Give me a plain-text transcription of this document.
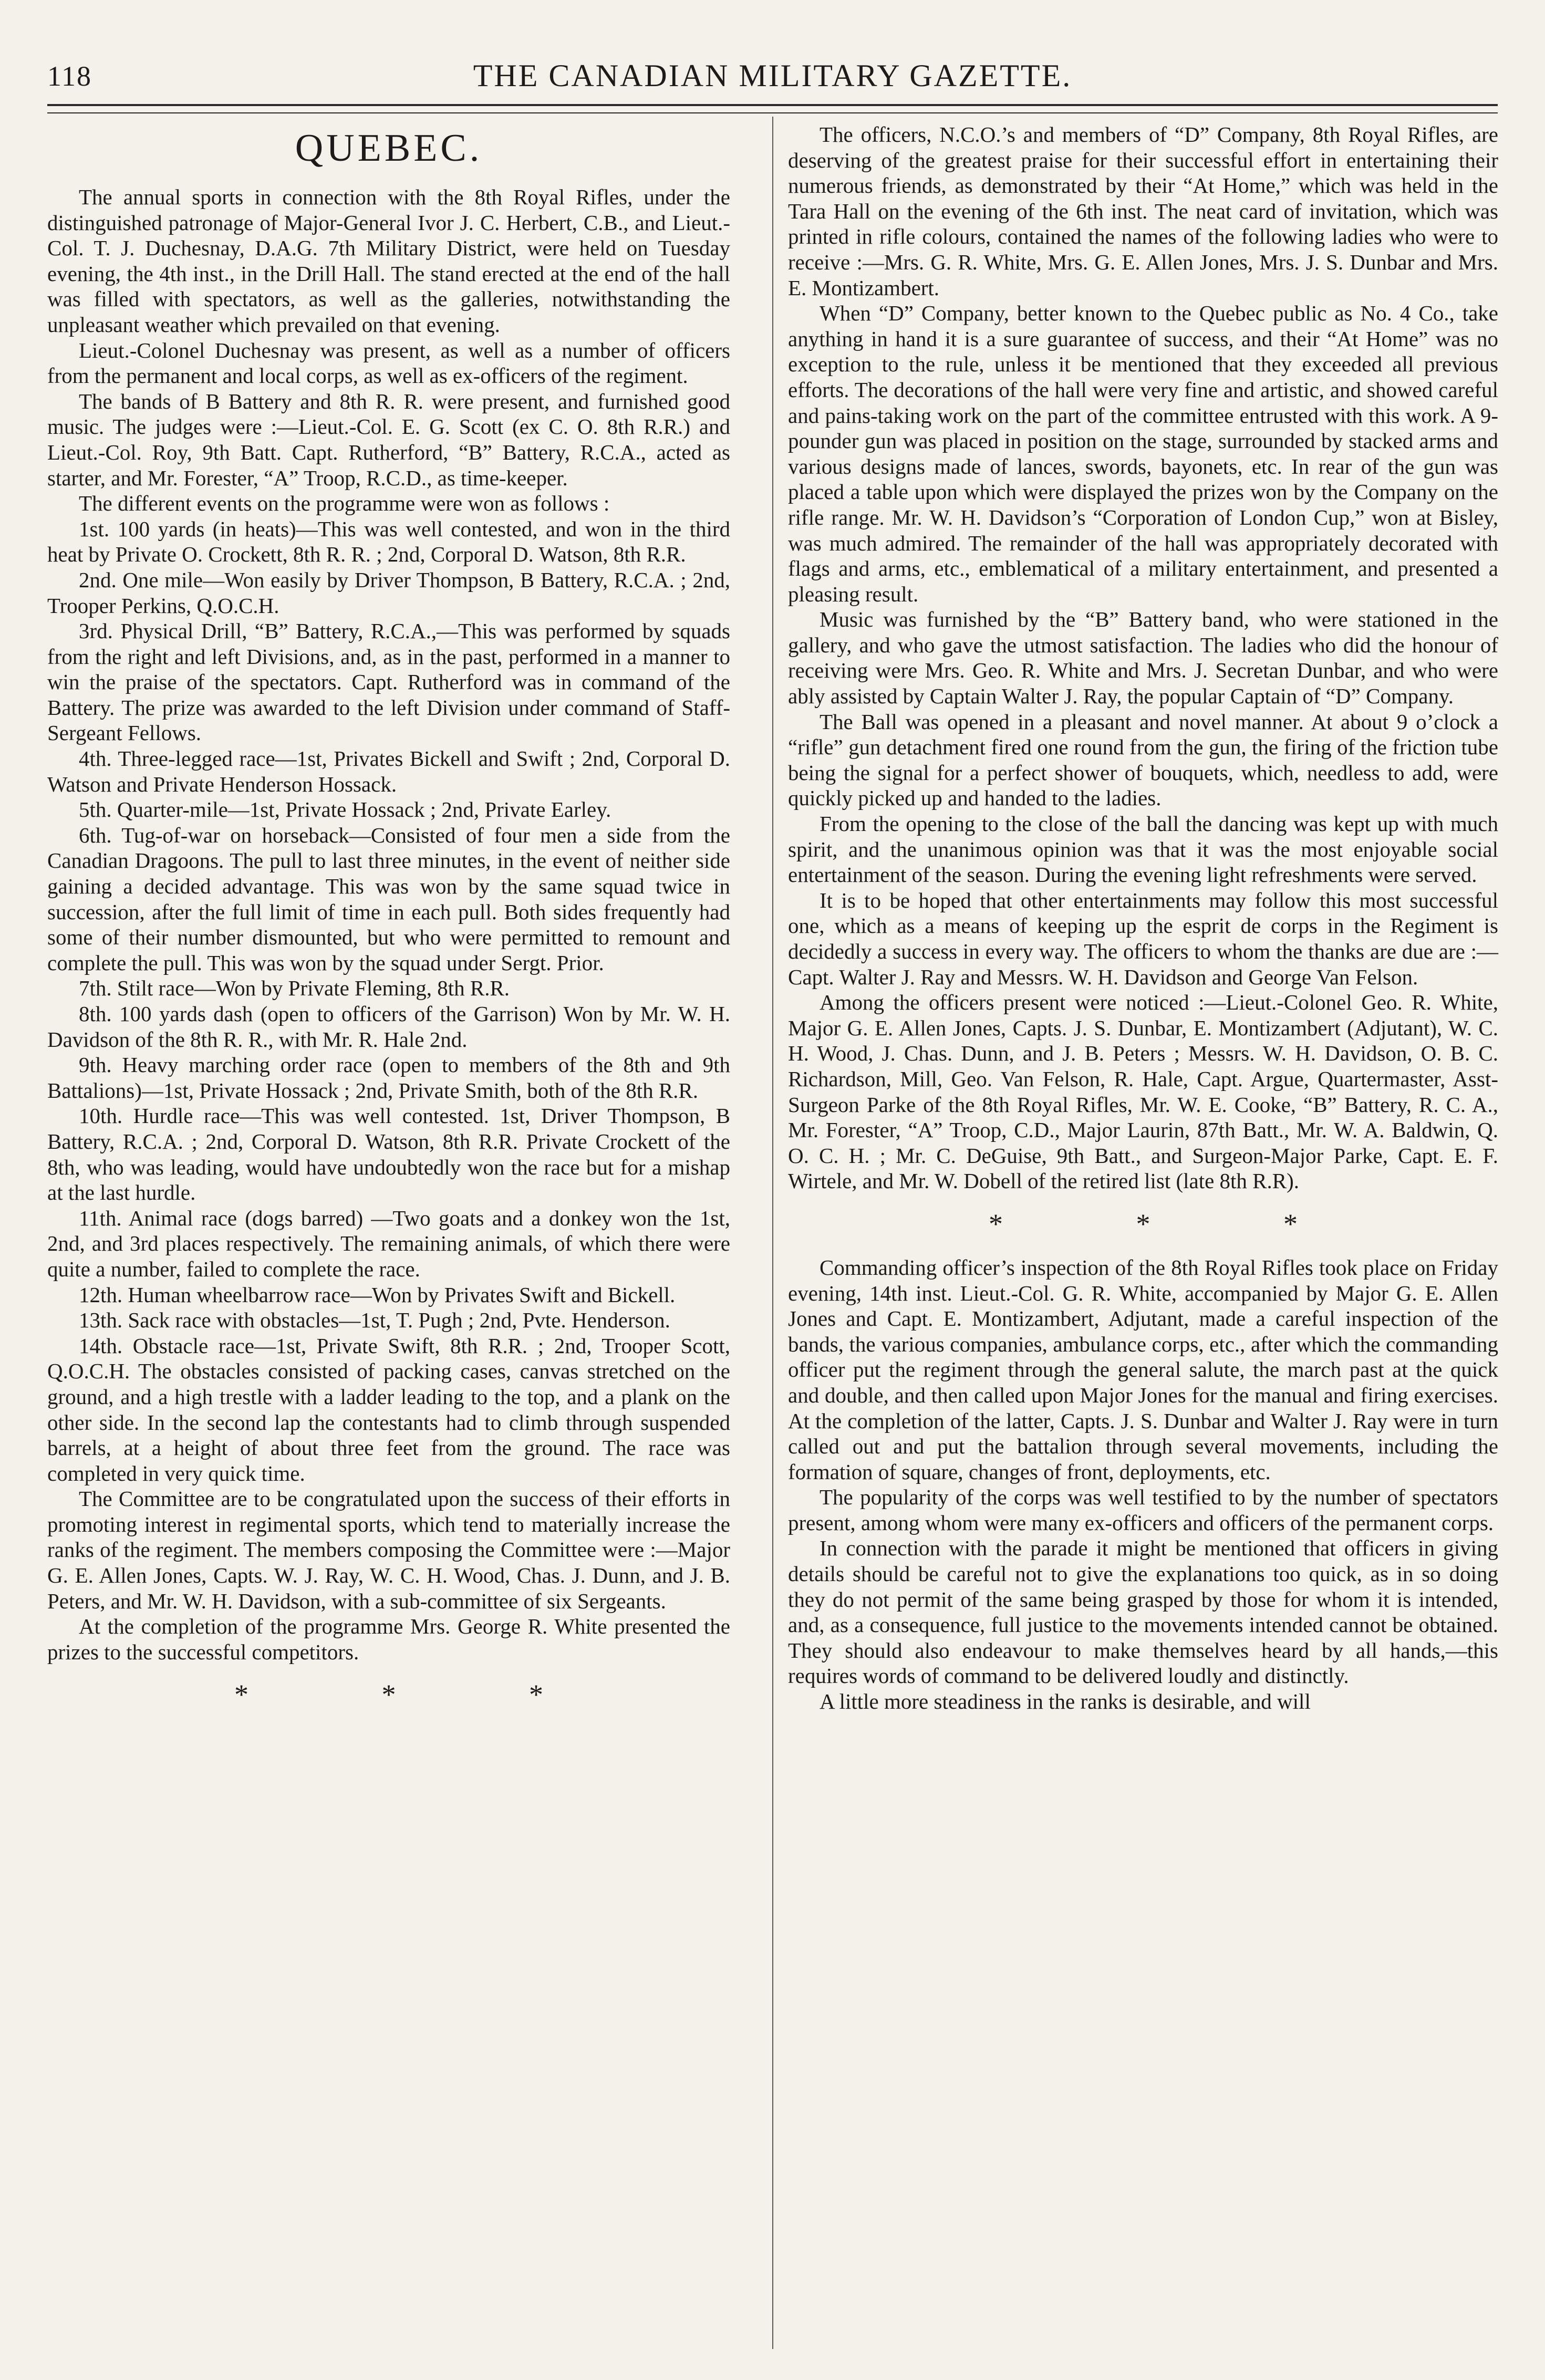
118	THE CANADIAN MILITARY GAZETTE.
QUEBEC.

The annual sports in connection with the 8th Royal Rifles, under the distinguished patronage of Major-General Ivor J. C. Herbert, C.B., and Lieut.-Col. T. J. Duchesnay, D.A.G. 7th Military District, were held on Tuesday evening, the 4th inst., in the Drill Hall. The stand erected at the end of the hall was filled with spectators, as well as the galleries, notwithstanding the unpleasant weather which prevailed on that evening.

Lieut.-Colonel Duchesnay was present, as well as a number of officers from the permanent and local corps, as well as ex-officers of the regiment.

The bands of B Battery and 8th R. R. were present, and furnished good music. The judges were :—Lieut.-Col. E. G. Scott (ex C. O. 8th R.R.) and Lieut.-Col. Roy, 9th Batt. Capt. Rutherford, “B” Battery, R.C.A., acted as starter, and Mr. Forester, “A” Troop, R.C.D., as time-keeper.

The different events on the programme were won as follows :

1st. 100 yards (in heats)—This was well contested, and won in the third heat by Private O. Crockett, 8th R. R. ; 2nd, Corporal D. Watson, 8th R.R.

2nd. One mile—Won easily by Driver Thompson, B Battery, R.C.A. ; 2nd, Trooper Perkins, Q.O.C.H.

3rd. Physical Drill, “B” Battery, R.C.A.,—This was performed by squads from the right and left Divisions, and, as in the past, performed in a manner to win the praise of the spectators. Capt. Rutherford was in command of the Battery. The prize was awarded to the left Division under command of Staff-Sergeant Fellows.

4th. Three-legged race—1st, Privates Bickell and Swift ; 2nd, Corporal D. Watson and Private Henderson Hossack.

5th. Quarter-mile—1st, Private Hossack ; 2nd, Private Earley.

6th. Tug-of-war on horseback—Consisted of four men a side from the Canadian Dragoons. The pull to last three minutes, in the event of neither side gaining a decided advantage. This was won by the same squad twice in succession, after the full limit of time in each pull. Both sides frequently had some of their number dismounted, but who were permitted to remount and complete the pull. This was won by the squad under Sergt. Prior.

7th. Stilt race—Won by Private Fleming, 8th R.R.

8th. 100 yards dash (open to officers of the Garrison) Won by Mr. W. H. Davidson of the 8th R. R., with Mr. R. Hale 2nd.

9th. Heavy marching order race (open to members of the 8th and 9th Battalions)—1st, Private Hossack ; 2nd, Private Smith, both of the 8th R.R.

10th. Hurdle race—This was well contested. 1st, Driver Thompson, B Battery, R.C.A. ; 2nd, Corporal D. Watson, 8th R.R. Private Crockett of the 8th, who was leading, would have undoubtedly won the race but for a mishap at the last hurdle.

11th. Animal race (dogs barred) —Two goats and a donkey won the 1st, 2nd, and 3rd places respectively. The remaining animals, of which there were quite a number, failed to complete the race.

12th. Human wheelbarrow race—Won by Privates Swift and Bickell.

13th. Sack race with obstacles—1st, T. Pugh ; 2nd, Pvte. Henderson.

14th. Obstacle race—1st, Private Swift, 8th R.R. ; 2nd, Trooper Scott, Q.O.C.H. The obstacles consisted of packing cases, canvas stretched on the ground, and a high trestle with a ladder leading to the top, and a plank on the other side. In the second lap the contestants had to climb through suspended barrels, at a height of about three feet from the ground. The race was completed in very quick time.

The Committee are to be congratulated upon the success of their efforts in promoting interest in regimental sports, which tend to materially increase the ranks of the regiment. The members composing the Committee were :—Major G. E. Allen Jones, Capts. W. J. Ray, W. C. H. Wood, Chas. J. Dunn, and J. B. Peters, and Mr. W. H. Davidson, with a sub-committee of six Sergeants.

At the completion of the programme Mrs. George R. White presented the prizes to the successful competitors.

* * *

The officers, N.C.O.’s and members of “D” Company, 8th Royal Rifles, are deserving of the greatest praise for their successful effort in entertaining their numerous friends, as demonstrated by their “At Home,” which was held in the Tara Hall on the evening of the 6th inst. The neat card of invitation, which was printed in rifle colours, contained the names of the following ladies who were to receive :—Mrs. G. R. White, Mrs. G. E. Allen Jones, Mrs. J. S. Dunbar and Mrs. E. Montizambert.

When “D” Company, better known to the Quebec public as No. 4 Co., take anything in hand it is a sure guarantee of success, and their “At Home” was no exception to the rule, unless it be mentioned that they exceeded all previous efforts. The decorations of the hall were very fine and artistic, and showed careful and pains-taking work on the part of the committee entrusted with this work. A 9-pounder gun was placed in position on the stage, surrounded by stacked arms and various designs made of lances, swords, bayonets, etc. In rear of the gun was placed a table upon which were displayed the prizes won by the Company on the rifle range. Mr. W. H. Davidson’s “Corporation of London Cup,” won at Bisley, was much admired. The remainder of the hall was appropriately decorated with flags and arms, etc., emblematical of a military entertainment, and presented a pleasing result.

Music was furnished by the “B” Battery band, who were stationed in the gallery, and who gave the utmost satisfaction. The ladies who did the honour of receiving were Mrs. Geo. R. White and Mrs. J. Secretan Dunbar, and who were ably assisted by Captain Walter J. Ray, the popular Captain of “D” Company.

The Ball was opened in a pleasant and novel manner. At about 9 o’clock a “rifle” gun detachment fired one round from the gun, the firing of the friction tube being the signal for a perfect shower of bouquets, which, needless to add, were quickly picked up and handed to the ladies.

From the opening to the close of the ball the dancing was kept up with much spirit, and the unanimous opinion was that it was the most enjoyable social entertainment of the season. During the evening light refreshments were served.

It is to be hoped that other entertainments may follow this most successful one, which as a means of keeping up the esprit de corps in the Regiment is decidedly a success in every way. The officers to whom the thanks are due are :—Capt. Walter J. Ray and Messrs. W. H. Davidson and George Van Felson.

Among the officers present were noticed :—Lieut.-Colonel Geo. R. White, Major G. E. Allen Jones, Capts. J. S. Dunbar, E. Montizambert (Adjutant), W. C. H. Wood, J. Chas. Dunn, and J. B. Peters ; Messrs. W. H. Davidson, O. B. C. Richardson, Mill, Geo. Van Felson, R. Hale, Capt. Argue, Quartermaster, Asst-Surgeon Parke of the 8th Royal Rifles, Mr. W. E. Cooke, “B” Battery, R. C. A., Mr. Forester, “A” Troop, C.D., Major Laurin, 87th Batt., Mr. W. A. Baldwin, Q. O. C. H. ; Mr. C. DeGuise, 9th Batt., and Surgeon-Major Parke, Capt. E. F. Wirtele, and Mr. W. Dobell of the retired list (late 8th R.R).

* * *

Commanding officer’s inspection of the 8th Royal Rifles took place on Friday evening, 14th inst. Lieut.-Col. G. R. White, accompanied by Major G. E. Allen Jones and Capt. E. Montizambert, Adjutant, made a careful inspection of the bands, the various companies, ambulance corps, etc., after which the commanding officer put the regiment through the general salute, the march past at the quick and double, and then called upon Major Jones for the manual and firing exercises. At the completion of the latter, Capts. J. S. Dunbar and Walter J. Ray were in turn called out and put the battalion through several movements, including the formation of square, changes of front, deployments, etc.

The popularity of the corps was well testified to by the number of spectators present, among whom were many ex-officers and officers of the permanent corps.

In connection with the parade it might be mentioned that officers in giving details should be careful not to give the explanations too quick, as in so doing they do not permit of the same being grasped by those for whom it is intended, and, as a consequence, full justice to the movements intended cannot be obtained. They should also endeavour to make themselves heard by all hands,—this requires words of command to be delivered loudly and distinctly.

A little more steadiness in the ranks is desirable, and will
